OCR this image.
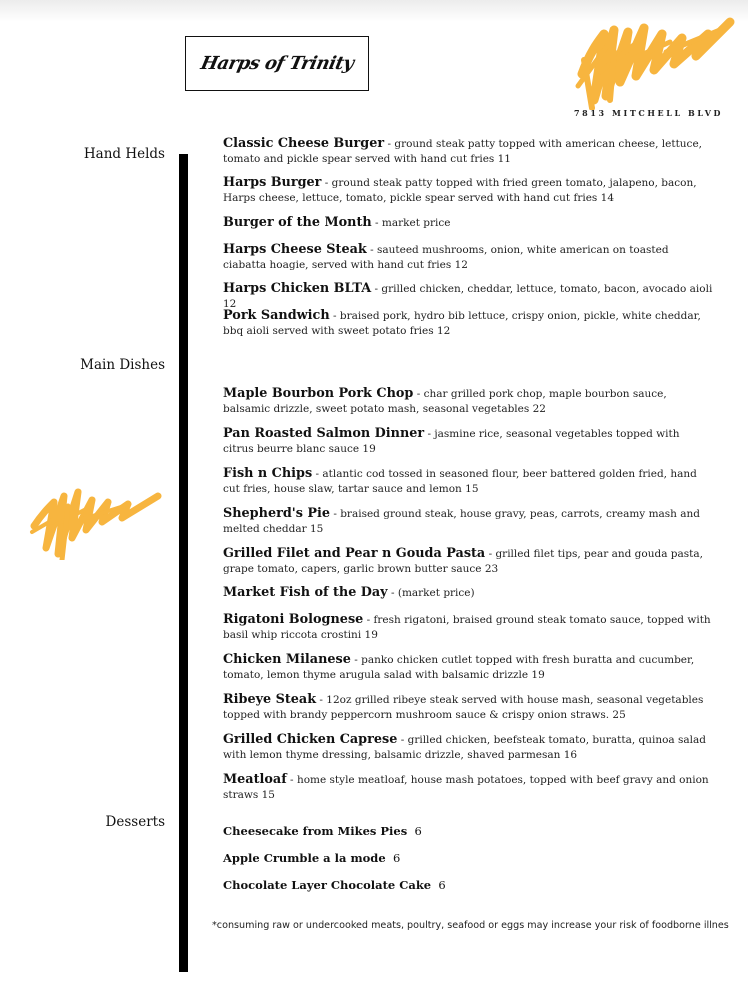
Harps of Trinity
7813 MITCHELL BLVD
Hand Helds
Main Dishes
Desserts

Classic Cheese Burger - ground steak patty topped with american cheese, lettuce, tomato and pickle spear served with hand cut fries 11

Harps Burger - ground steak patty topped with fried green tomato, jalapeno, bacon, Harps cheese, lettuce, tomato, pickle spear served with hand cut fries 14

Burger of the Month - market price

Harps Cheese Steak - sauteed mushrooms, onion, white american on toasted ciabatta hoagie, served with hand cut fries 12

Harps Chicken BLTA - grilled chicken, cheddar, lettuce, tomato, bacon, avocado aioli 12

Pork Sandwich - braised pork, hydro bib lettuce, crispy onion, pickle, white cheddar, bbq aioli served with sweet potato fries 12

Maple Bourbon Pork Chop - char grilled pork chop, maple bourbon sauce, balsamic drizzle, sweet potato mash, seasonal vegetables 22

Pan Roasted Salmon Dinner - jasmine rice, seasonal vegetables topped with citrus beurre blanc sauce 19

Fish n Chips - atlantic cod tossed in seasoned flour, beer battered golden fried, hand cut fries, house slaw, tartar sauce and lemon 15

Shepherd's Pie - braised ground steak, house gravy, peas, carrots, creamy mash and melted cheddar 15

Grilled Filet and Pear n Gouda Pasta - grilled filet tips, pear and gouda pasta, grape tomato, capers, garlic brown butter sauce 23

Market Fish of the Day - (market price)

Rigatoni Bolognese - fresh rigatoni, braised ground steak tomato sauce, topped with basil whip riccota crostini 19

Chicken Milanese - panko chicken cutlet topped with fresh buratta and cucumber, tomato, lemon thyme arugula salad with balsamic drizzle 19

Ribeye Steak - 12oz grilled ribeye steak served with house mash, seasonal vegetables topped with brandy peppercorn mushroom sauce & crispy onion straws. 25

Grilled Chicken Caprese - grilled chicken, beefsteak tomato, buratta, quinoa salad with lemon thyme dressing, balsamic drizzle, shaved parmesan 16

Meatloaf - home style meatloaf, house mash potatoes, topped with beef gravy and onion straws 15

Cheesecake from Mikes Pies 6
Apple Crumble a la mode 6
Chocolate Layer Chocolate Cake 6
*consuming raw or undercooked meats, poultry, seafood or eggs may increase your risk of foodborne illnes
